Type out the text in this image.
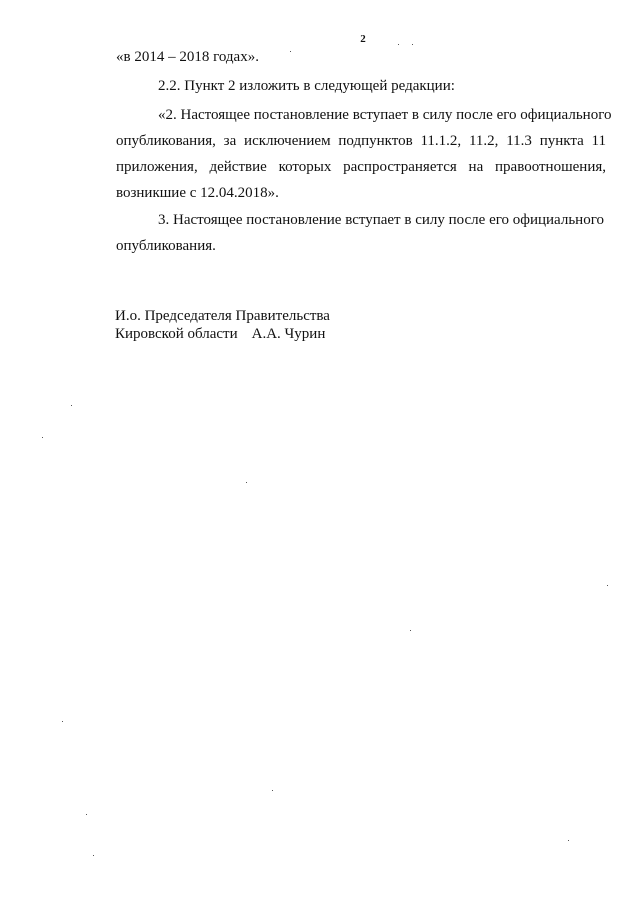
2
«в 2014 – 2018 годах».
2.2. Пункт 2 изложить в следующей редакции:
«2. Настоящее постановление вступает в силу после его официального
опубликования, за исключением подпунктов 11.1.2, 11.2, 11.3 пункта 11
приложения, действие которых распространяется на правоотношения,
возникшие с 12.04.2018».
3. Настоящее постановление вступает в силу после его официального
опубликования.
И.о. Председателя Правительства
Кировской области А.А. Чурин
